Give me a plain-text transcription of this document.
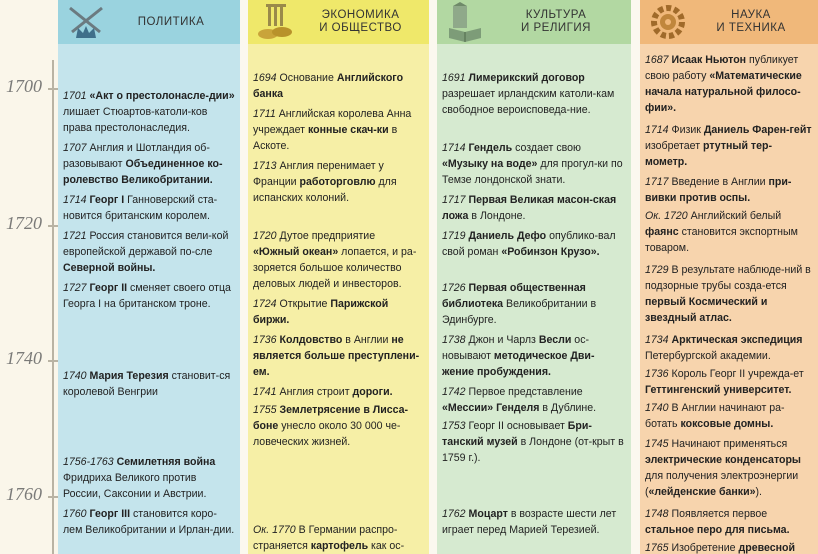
1700
1720
1740
1760
ПОЛИТИКА
1701 «Акт о престолонасле-дии» лишает Стюартов-католи-ков права престолонаследия.
1707 Англия и Шотландия об-разовывают Объединенное ко-ролевство Великобритании.
1714 Георг I Ганноверский ста-новится британским королем.
1721 Россия становится вели-кой европейской державой по-сле Северной войны.
1727 Георг II сменяет своего отца Георга I на британском троне.
1740 Мария Терезия становит-ся королевой Венгрии
1756-1763 Семилетняя война Фридриха Великого против России, Саксонии и Австрии.
1760 Георг III становится коро-лем Великобритании и Ирлан-дии.
ЭКОНОМИКА
И ОБЩЕСТВО
1694 Основание Английского банка
1711 Английская королева Анна учреждает конные скач-ки в Аскоте.
1713 Англия перенимает у Франции работорговлю для испанских колоний.
1720 Дутое предприятие «Южный океан» лопается, и ра-зоряется большое количество деловых людей и инвесторов.
1724 Открытие Парижской биржи.
1736 Колдовство в Англии не является больше преступлени-ем.
1741 Англия строит дороги.
1755 Землетрясение в Лисса-боне унесло около 30 000 че-ловеческих жизней.
Ок. 1770 В Германии распро-страняется картофель как ос-
КУЛЬТУРА
И РЕЛИГИЯ
1691 Лимерикский договор разрешает ирландским католи-кам свободное вероисповеда-ние.
1714 Гендель создает свою «Музыку на воде» для прогул-ки по Темзе лондонской знати.
1717 Первая Великая масон-ская ложа в Лондоне.
1719 Даниель Дефо опублико-вал свой роман «Робинзон Крузо».
1726 Первая общественная библиотека Великобритании в Эдинбурге.
1738 Джон и Чарлз Весли ос-новывают методическое Дви-жение пробуждения.
1742 Первое представление «Мессии» Генделя в Дублине.
1753 Георг II основывает Бри-танский музей в Лондоне (от-крыт в 1759 г.).
1762 Моцарт в возрасте шести лет играет перед Марией Терезией.
НАУКА
И ТЕХНИКА
1687 Исаак Ньютон публикует свою работу «Математические начала натуральной филосо-фии».
1714 Физик Даниель Фарен-гейт изобретает ртутный тер-мометр.
1717 Введение в Англии при-вивки против оспы.
Ок. 1720 Английский белый фаянс становится экспортным товаром.
1729 В результате наблюде-ний в подзорные трубы созда-ется первый Космический и звездный атлас.
1734 Арктическая экспедиция Петербургской академии.
1736 Король Георг II учрежда-ет Геттингенский университет.
1740 В Англии начинают ра-ботать коксовые домны.
1745 Начинают применяться электрические конденсаторы для получения электроэнергии («лейденские банки»).
1748 Появляется первое стальное перо для письма.
1765 Изобретение древесной
